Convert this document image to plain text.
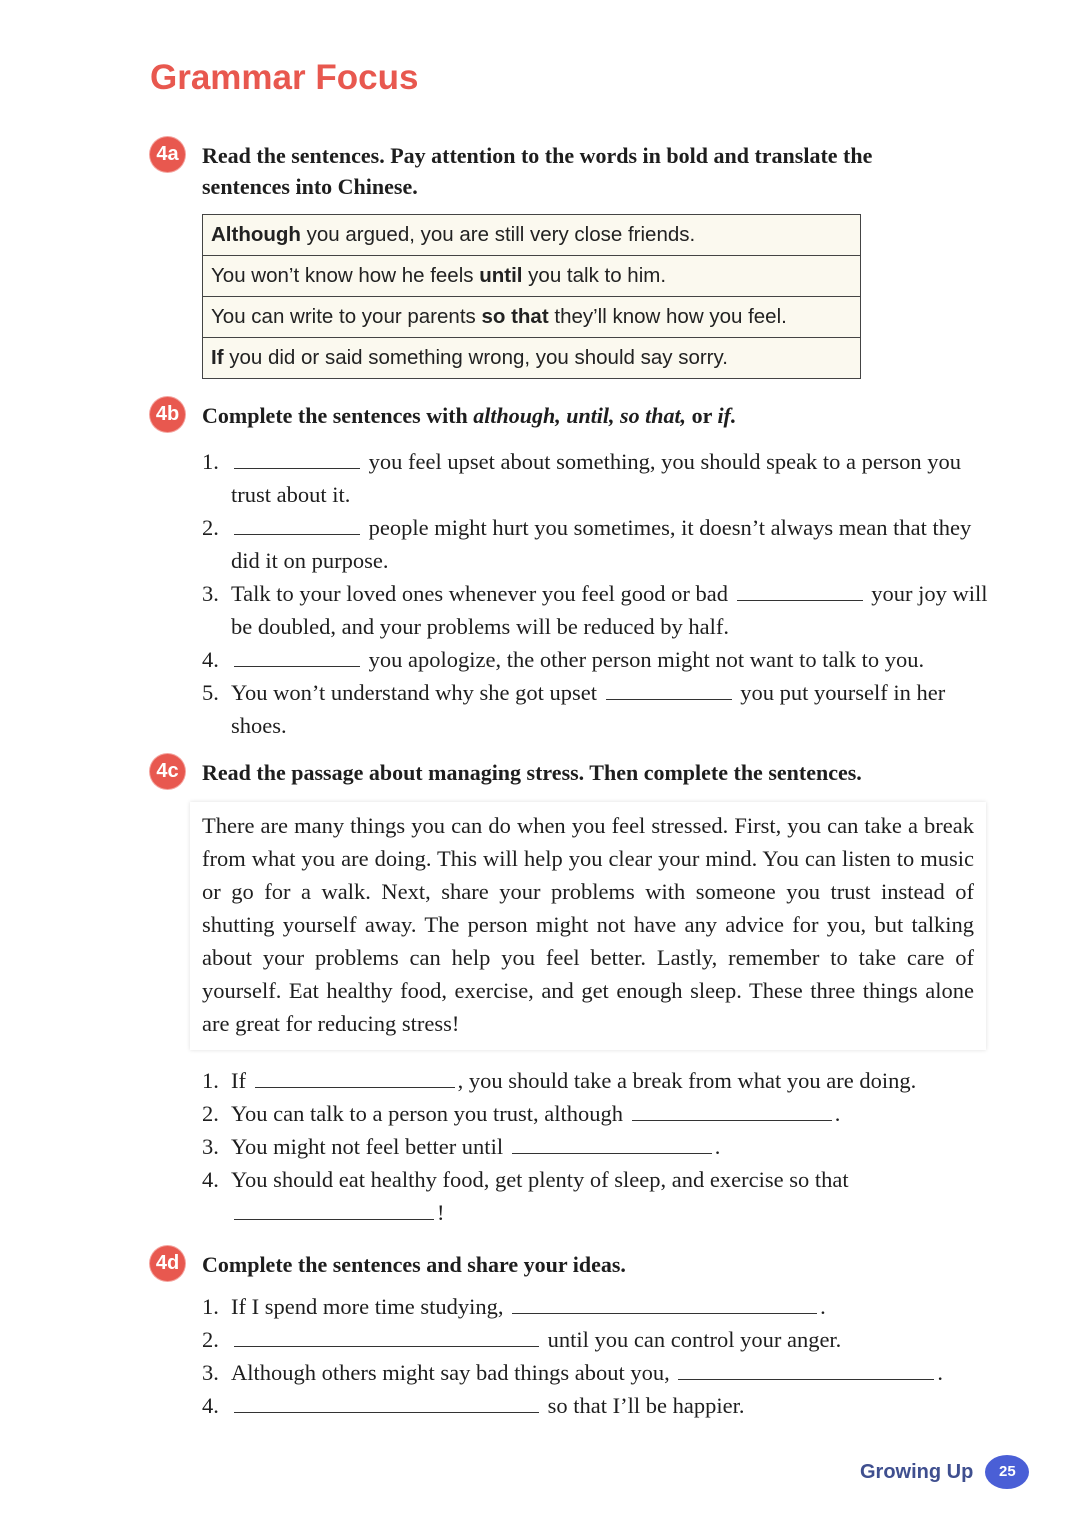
Grammar Focus
4a Read the sentences. Pay attention to the words in bold and translate the sentences into Chinese.
Although you argued, you are still very close friends.
You won’t know how he feels until you talk to him.
You can write to your parents so that they’ll know how you feel.
If you did or said something wrong, you should say sorry.
4b Complete the sentences with although, until, so that, or if.
1.	you feel upset about something, you should speak to a person you trust about it.
2.	people might hurt you sometimes, it doesn’t always mean that they did it on purpose.
3. Talk to your loved ones whenever you feel good or bad	your joy will be doubled, and your problems will be reduced by half.
4.	you apologize, the other person might not want to talk to you.
5. You won’t understand why she got upset	you put yourself in her shoes.
4c Read the passage about managing stress. Then complete the sentences.
There are many things you can do when you feel stressed. First, you can take a break from what you are doing. This will help you clear your mind. You can listen to music or go for a walk. Next, share your problems with someone you trust instead of shutting yourself away. The person might not have any advice for you, but talking about your problems can help you feel better. Lastly, remember to take care of yourself. Eat healthy food, exercise, and get enough sleep. These three things alone are great for reducing stress!
1. If	, you should take a break from what you are doing.
2. You can talk to a person you trust, although	.
3. You might not feel better until	.
4. You should eat healthy food, get plenty of sleep, and exercise so that !
4d Complete the sentences and share your ideas.
1. If I spend more time studying,	.
2.	until you can control your anger.
3. Although others might say bad things about you,	.
4.	so that I’ll be happier.
Growing Up	25
